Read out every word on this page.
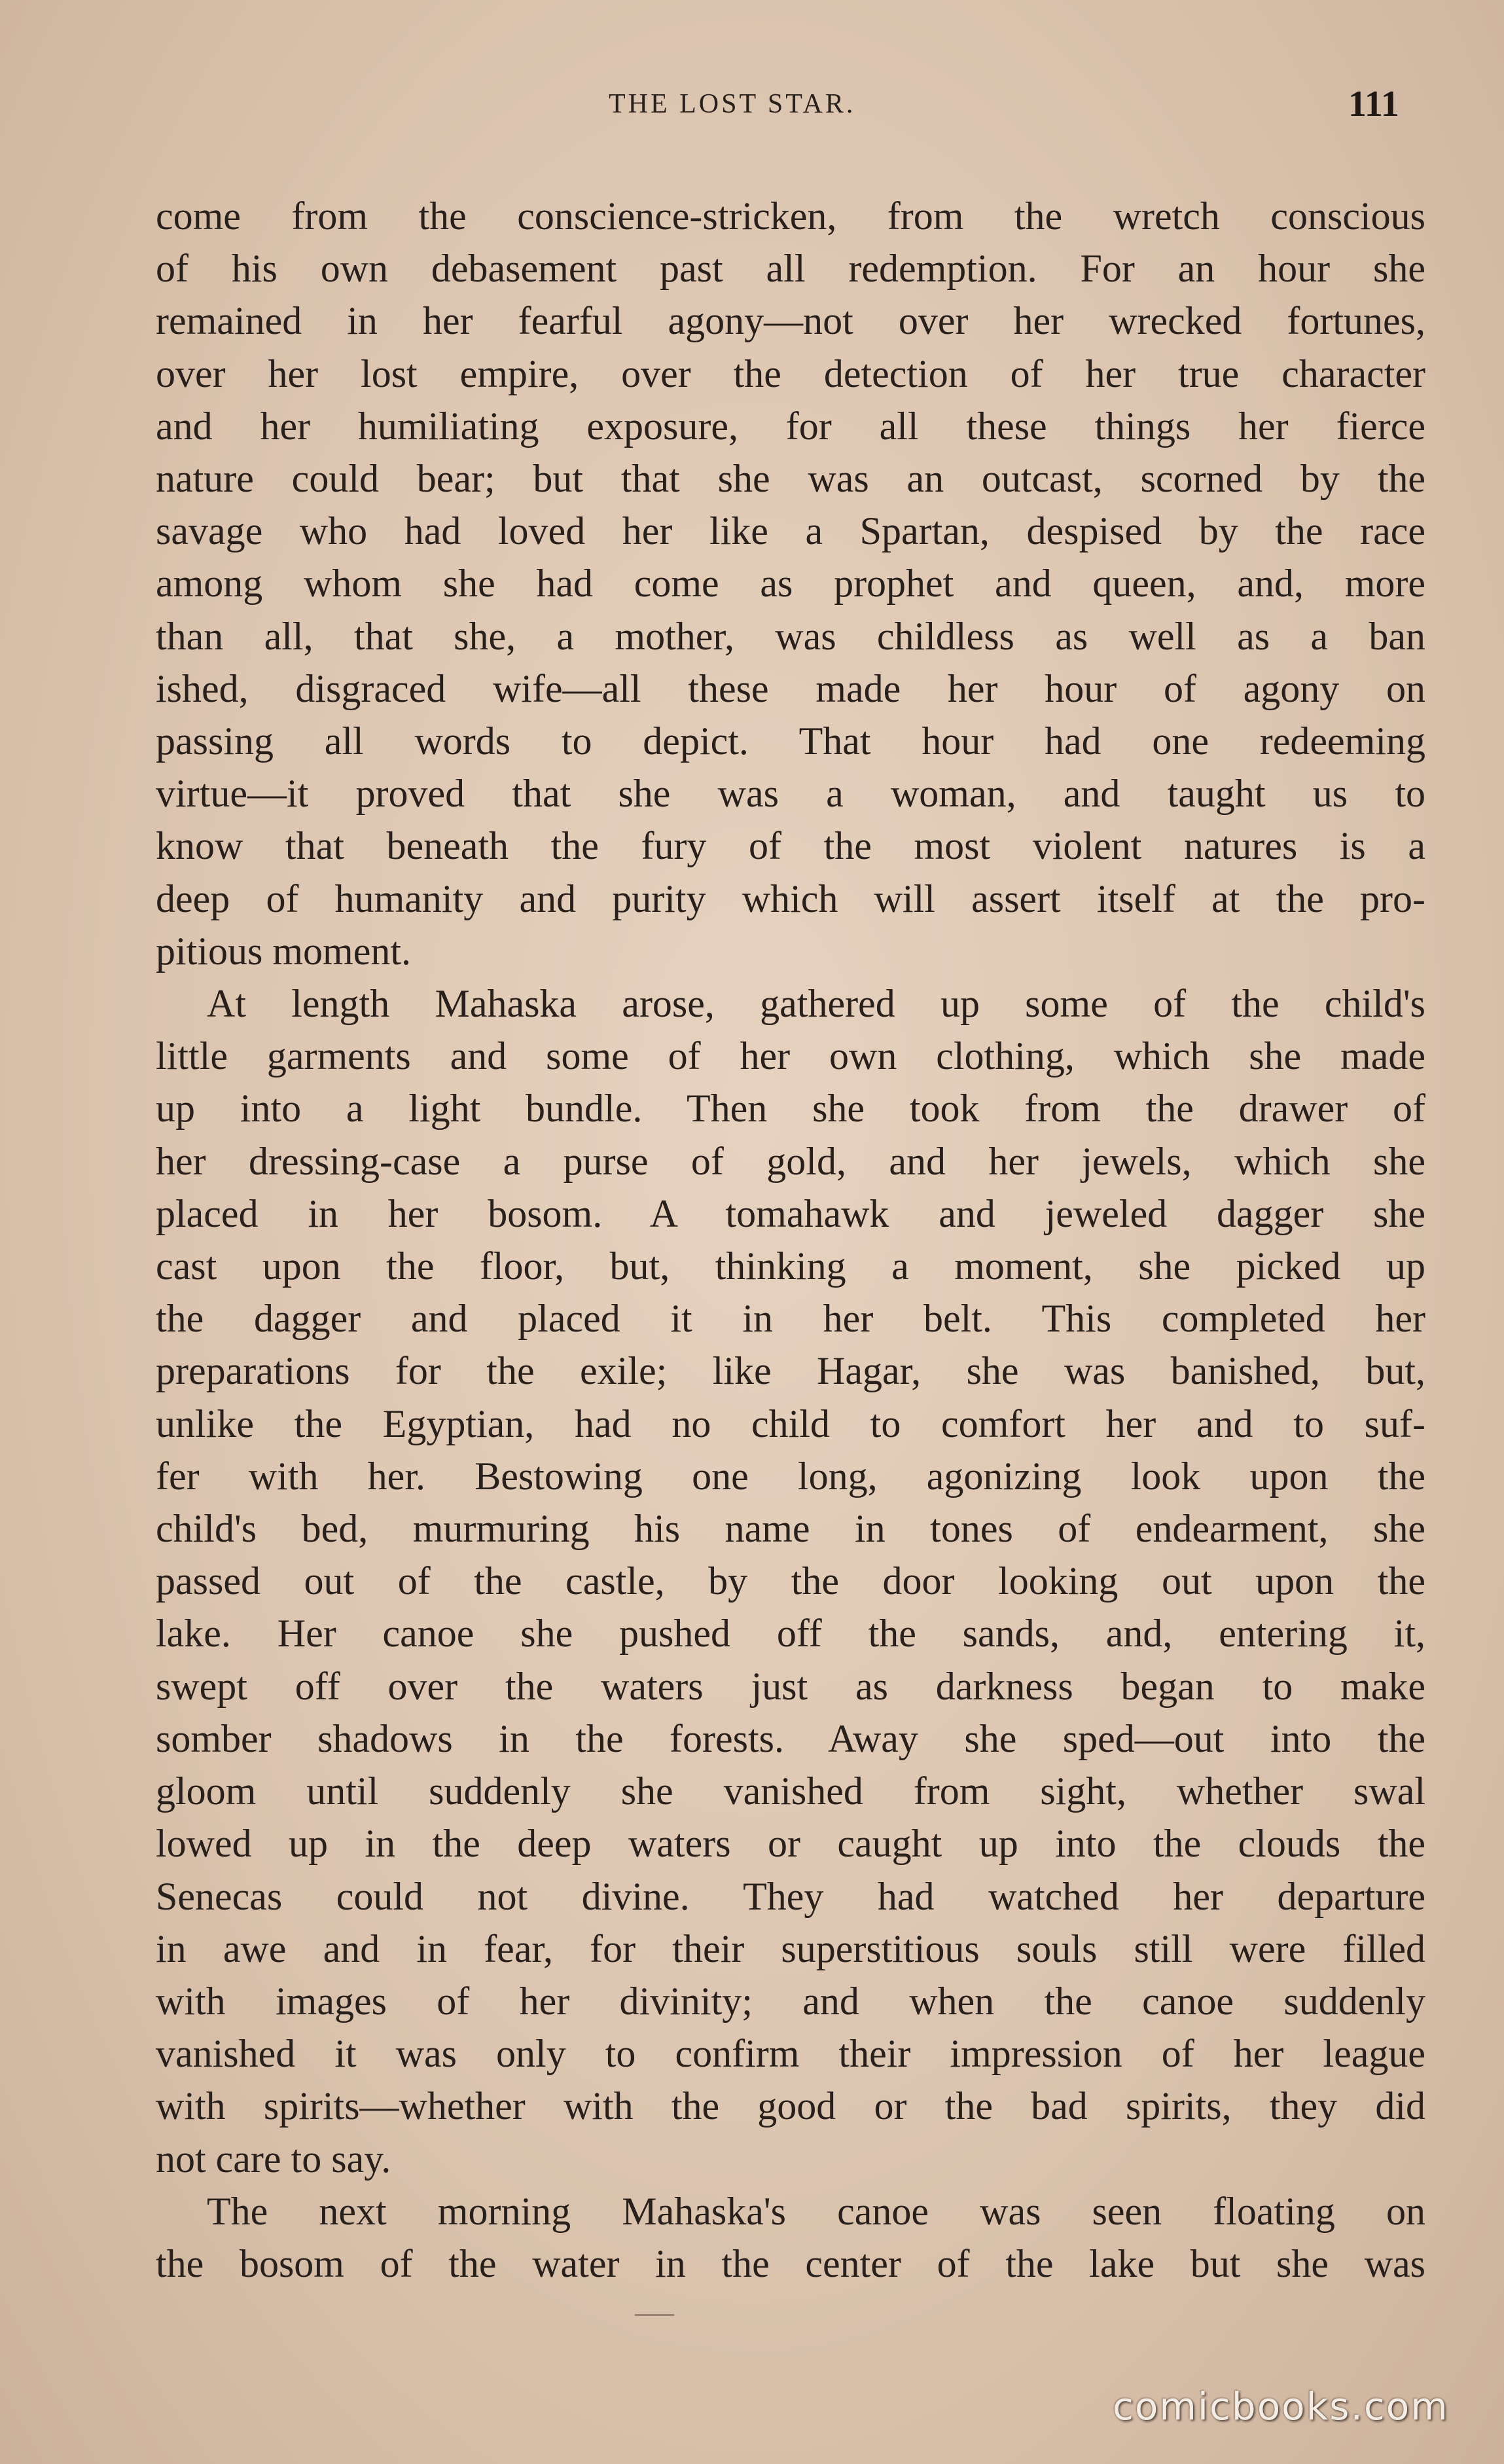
THE LOST STAR.	111
come from the conscience-stricken, from the wretch conscious
of his own debasement past all redemption. For an hour she
remained in her fearful agony—not over her wrecked fortunes,
over her lost empire, over the detection of her true character
and her humiliating exposure, for all these things her fierce
nature could bear; but that she was an outcast, scorned by the
savage who had loved her like a Spartan, despised by the race
among whom she had come as prophet and queen, and, more
than all, that she, a mother, was childless as well as a ban
ished, disgraced wife—all these made her hour of agony on
passing all words to depict. That hour had one redeeming
virtue—it proved that she was a woman, and taught us to
know that beneath the fury of the most violent natures is a
deep of humanity and purity which will assert itself at the pro-
pitious moment.
At length Mahaska arose, gathered up some of the child's
little garments and some of her own clothing, which she made
up into a light bundle. Then she took from the drawer of
her dressing-case a purse of gold, and her jewels, which she
placed in her bosom. A tomahawk and jeweled dagger she
cast upon the floor, but, thinking a moment, she picked up
the dagger and placed it in her belt. This completed her
preparations for the exile; like Hagar, she was banished, but,
unlike the Egyptian, had no child to comfort her and to suf-
fer with her. Bestowing one long, agonizing look upon the
child's bed, murmuring his name in tones of endearment, she
passed out of the castle, by the door looking out upon the
lake. Her canoe she pushed off the sands, and, entering it,
swept off over the waters just as darkness began to make
somber shadows in the forests. Away she sped—out into the
gloom until suddenly she vanished from sight, whether swal
lowed up in the deep waters or caught up into the clouds the
Senecas could not divine. They had watched her departure
in awe and in fear, for their superstitious souls still were filled
with images of her divinity; and when the canoe suddenly
vanished it was only to confirm their impression of her league
with spirits—whether with the good or the bad spirits, they did
not care to say.
The next morning Mahaska's canoe was seen floating on
the bosom of the water in the center of the lake but she was
comicbooks.com
